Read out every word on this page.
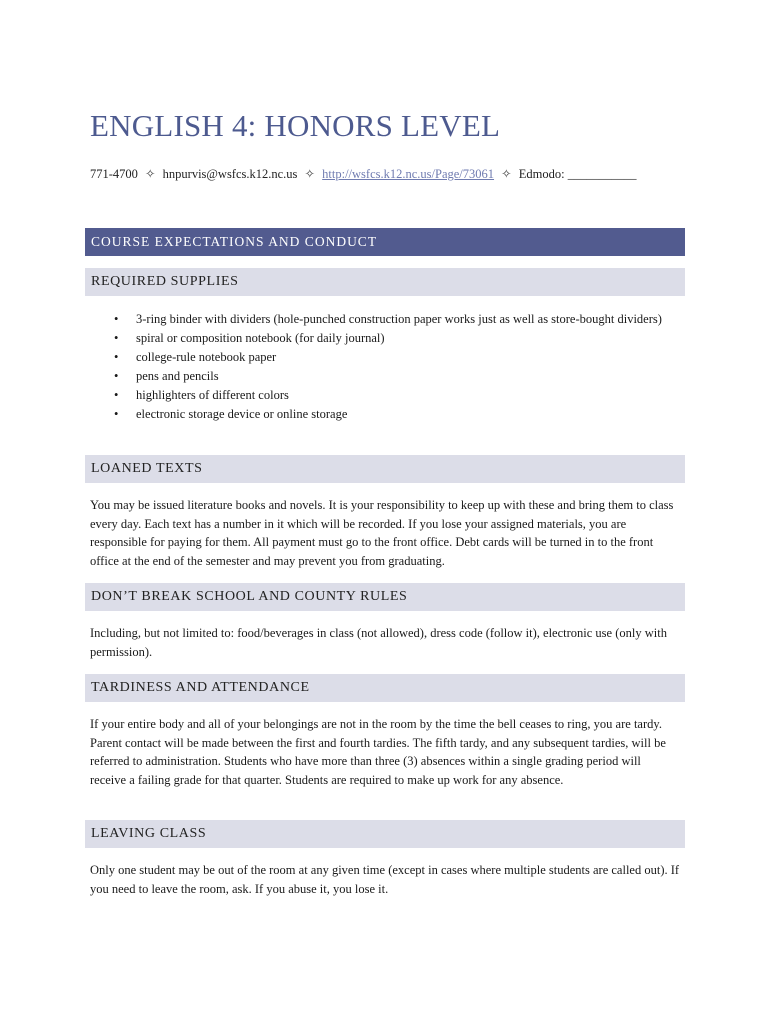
ENGLISH 4: HONORS LEVEL
771-4700 ✧ hnpurvis@wsfcs.k12.nc.us ✧ http://wsfcs.k12.nc.us/Page/73061 ✧ Edmodo: ___________
COURSE EXPECTATIONS AND CONDUCT
REQUIRED SUPPLIES
• 3-ring binder with dividers (hole-punched construction paper works just as well as store-bought dividers)
• spiral or composition notebook (for daily journal)
• college-rule notebook paper
• pens and pencils
• highlighters of different colors
• electronic storage device or online storage
LOANED TEXTS

You may be issued literature books and novels. It is your responsibility to keep up with these and bring them to class every day. Each text has a number in it which will be recorded. If you lose your assigned materials, you are responsible for paying for them. All payment must go to the front office. Debt cards will be turned in to the front office at the end of the semester and may prevent you from graduating.

DON’T BREAK SCHOOL AND COUNTY RULES

Including, but not limited to: food/beverages in class (not allowed), dress code (follow it), electronic use (only with permission).

TARDINESS AND ATTENDANCE

If your entire body and all of your belongings are not in the room by the time the bell ceases to ring, you are tardy. Parent contact will be made between the first and fourth tardies. The fifth tardy, and any subsequent tardies, will be referred to administration. Students who have more than three (3) absences within a single grading period will receive a failing grade for that quarter. Students are required to make up work for any absence.

LEAVING CLASS

Only one student may be out of the room at any given time (except in cases where multiple students are called out). If you need to leave the room, ask. If you abuse it, you lose it.
